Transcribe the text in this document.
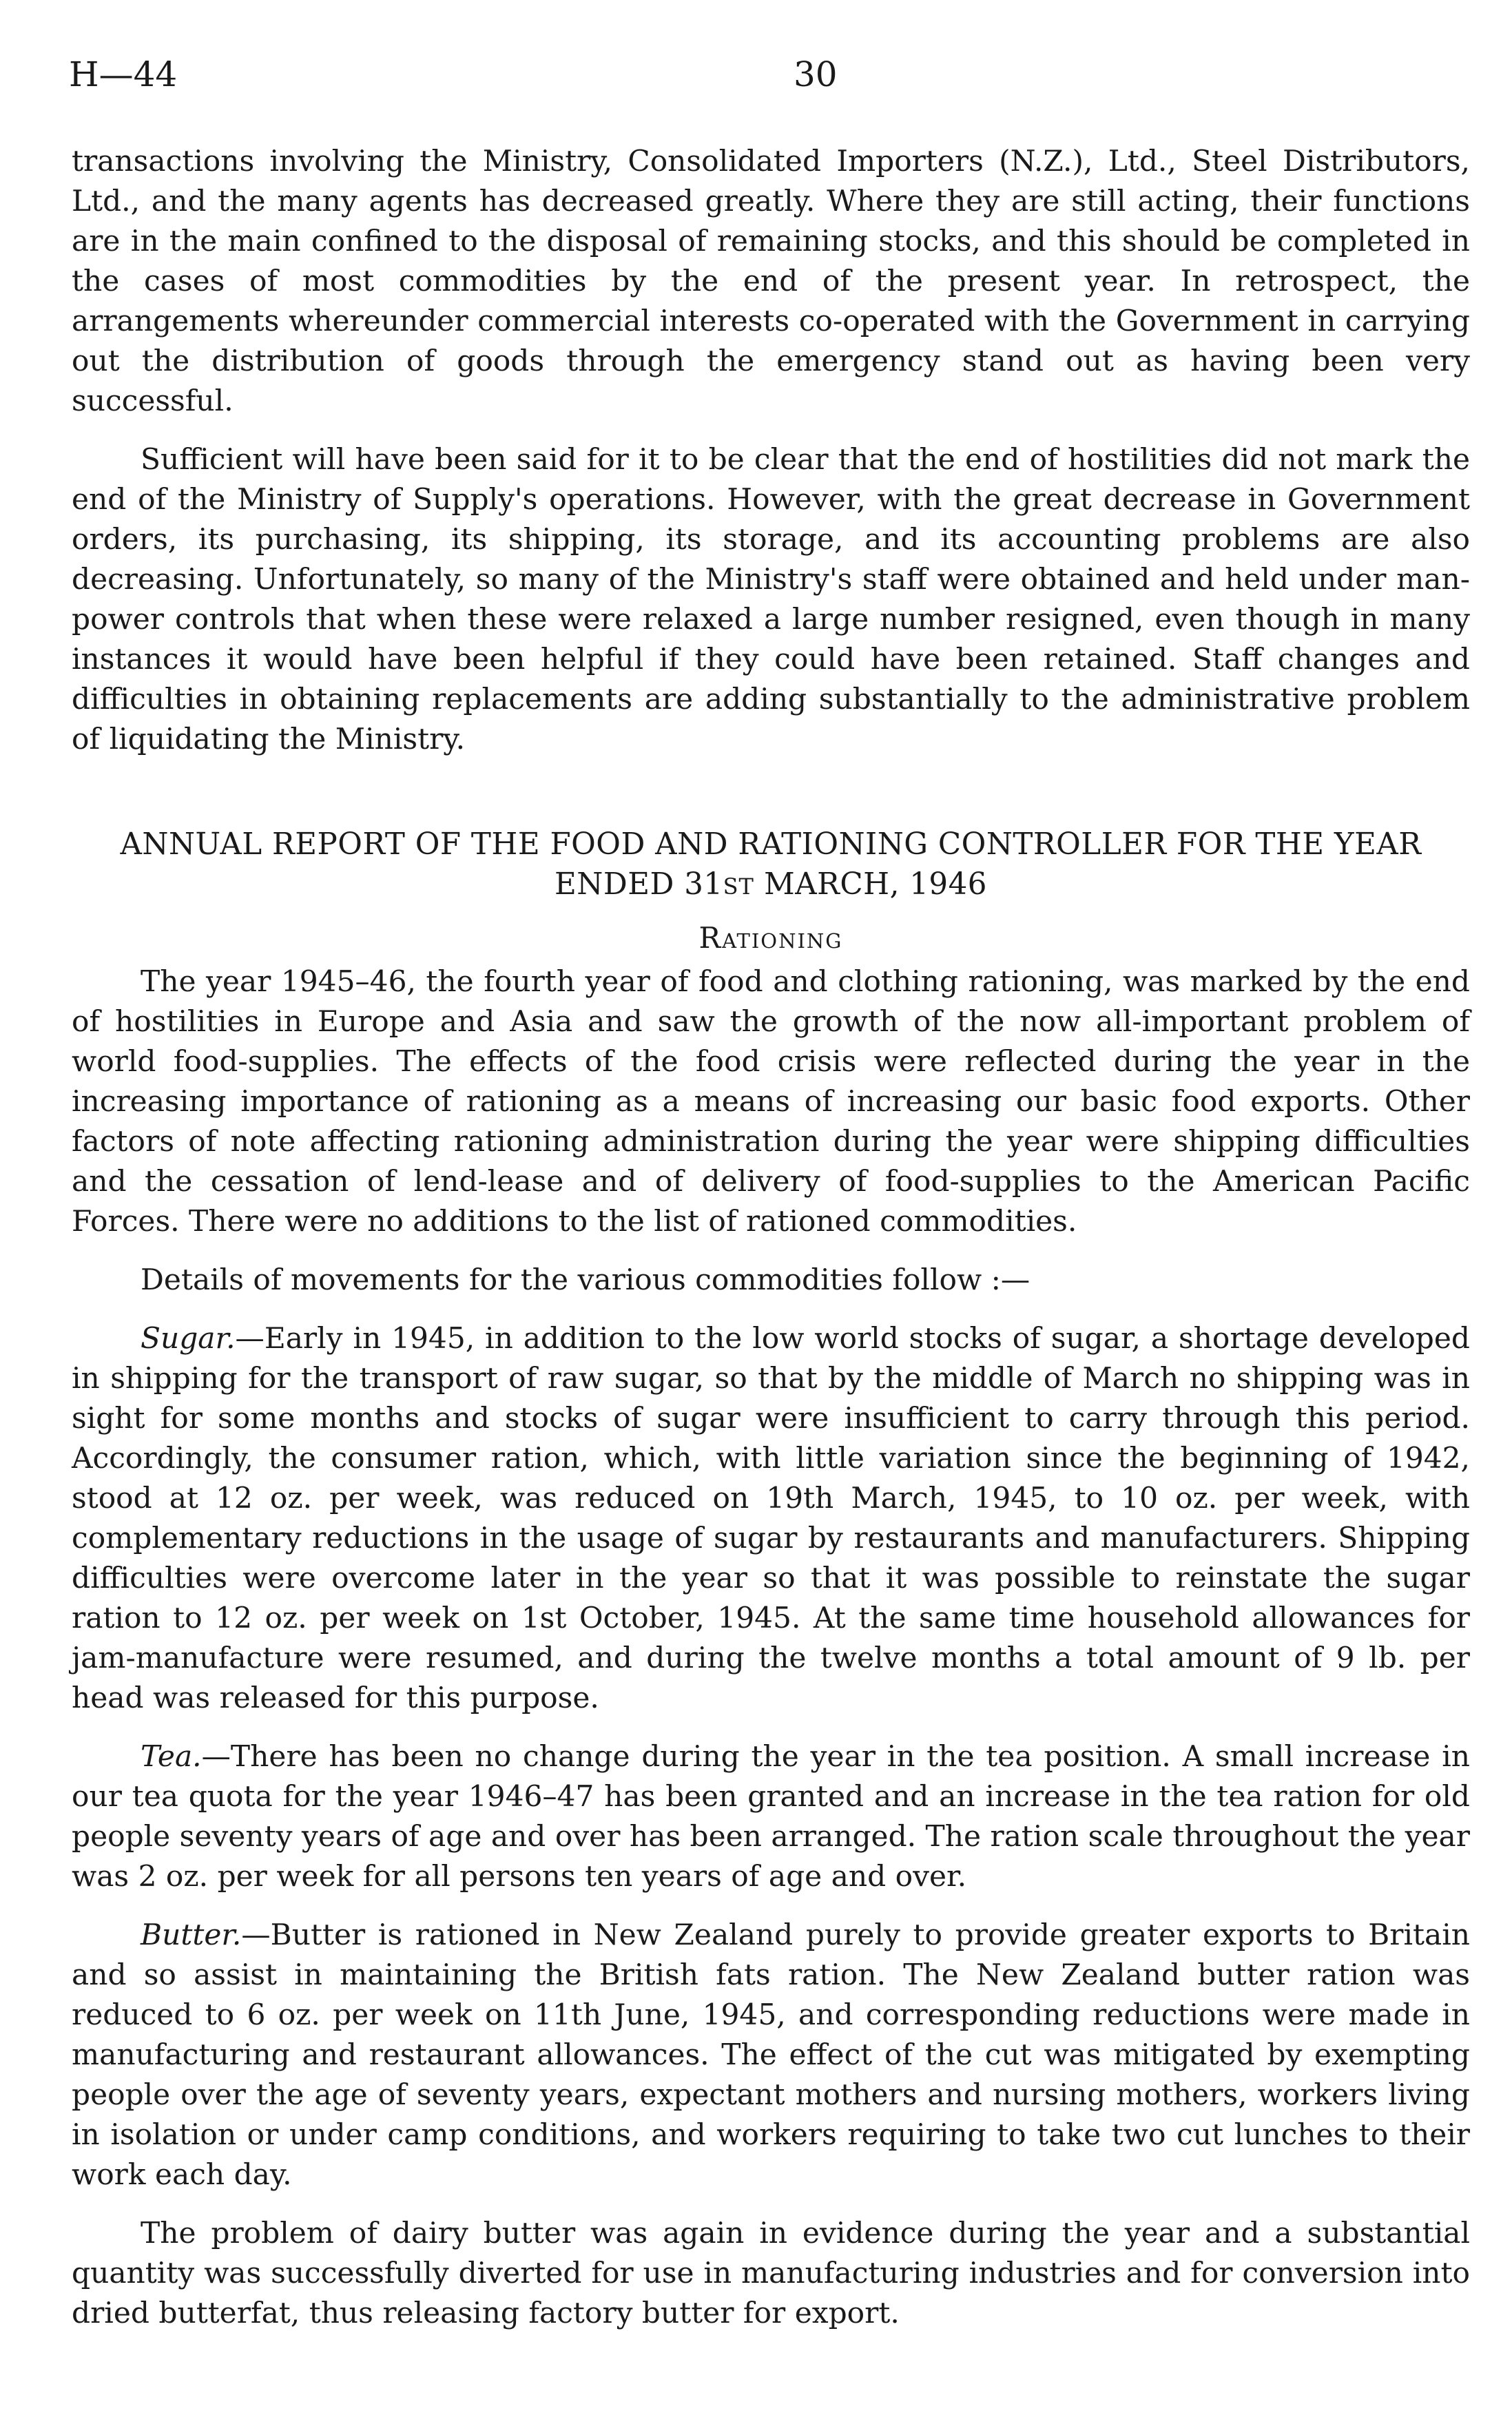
H—44	30

transactions involving the Ministry, Consolidated Importers (N.Z.), Ltd., Steel Distributors, Ltd., and the many agents has decreased greatly. Where they are still acting, their functions are in the main confined to the disposal of remaining stocks, and this should be completed in the cases of most commodities by the end of the present year. In retrospect, the arrangements whereunder commercial interests co-operated with the Government in carrying out the distribution of goods through the emergency stand out as having been very successful.

Sufficient will have been said for it to be clear that the end of hostilities did not mark the end of the Ministry of Supply's operations. However, with the great decrease in Government orders, its purchasing, its shipping, its storage, and its accounting problems are also decreasing. Unfortunately, so many of the Ministry's staff were obtained and held under man-power controls that when these were relaxed a large number resigned, even though in many instances it would have been helpful if they could have been retained. Staff changes and difficulties in obtaining replacements are adding substantially to the administrative problem of liquidating the Ministry.

ANNUAL REPORT OF THE FOOD AND RATIONING CONTROLLER FOR THE YEAR ENDED 31ST MARCH, 1946
Rationing

The year 1945–46, the fourth year of food and clothing rationing, was marked by the end of hostilities in Europe and Asia and saw the growth of the now all-important problem of world food-supplies. The effects of the food crisis were reflected during the year in the increasing importance of rationing as a means of increasing our basic food exports. Other factors of note affecting rationing administration during the year were shipping difficulties and the cessation of lend-lease and of delivery of food-supplies to the American Pacific Forces. There were no additions to the list of rationed commodities.

Details of movements for the various commodities follow :—

Sugar.—Early in 1945, in addition to the low world stocks of sugar, a shortage developed in shipping for the transport of raw sugar, so that by the middle of March no shipping was in sight for some months and stocks of sugar were insufficient to carry through this period. Accordingly, the consumer ration, which, with little variation since the beginning of 1942, stood at 12 oz. per week, was reduced on 19th March, 1945, to 10 oz. per week, with complementary reductions in the usage of sugar by restaurants and manufacturers. Shipping difficulties were overcome later in the year so that it was possible to reinstate the sugar ration to 12 oz. per week on 1st October, 1945. At the same time household allowances for jam-manufacture were resumed, and during the twelve months a total amount of 9 lb. per head was released for this purpose.

Tea.—There has been no change during the year in the tea position. A small increase in our tea quota for the year 1946–47 has been granted and an increase in the tea ration for old people seventy years of age and over has been arranged. The ration scale throughout the year was 2 oz. per week for all persons ten years of age and over.

Butter.—Butter is rationed in New Zealand purely to provide greater exports to Britain and so assist in maintaining the British fats ration. The New Zealand butter ration was reduced to 6 oz. per week on 11th June, 1945, and corresponding reductions were made in manufacturing and restaurant allowances. The effect of the cut was mitigated by exempting people over the age of seventy years, expectant mothers and nursing mothers, workers living in isolation or under camp conditions, and workers requiring to take two cut lunches to their work each day.

The problem of dairy butter was again in evidence during the year and a substantial quantity was successfully diverted for use in manufacturing industries and for conversion into dried butterfat, thus releasing factory butter for export.
